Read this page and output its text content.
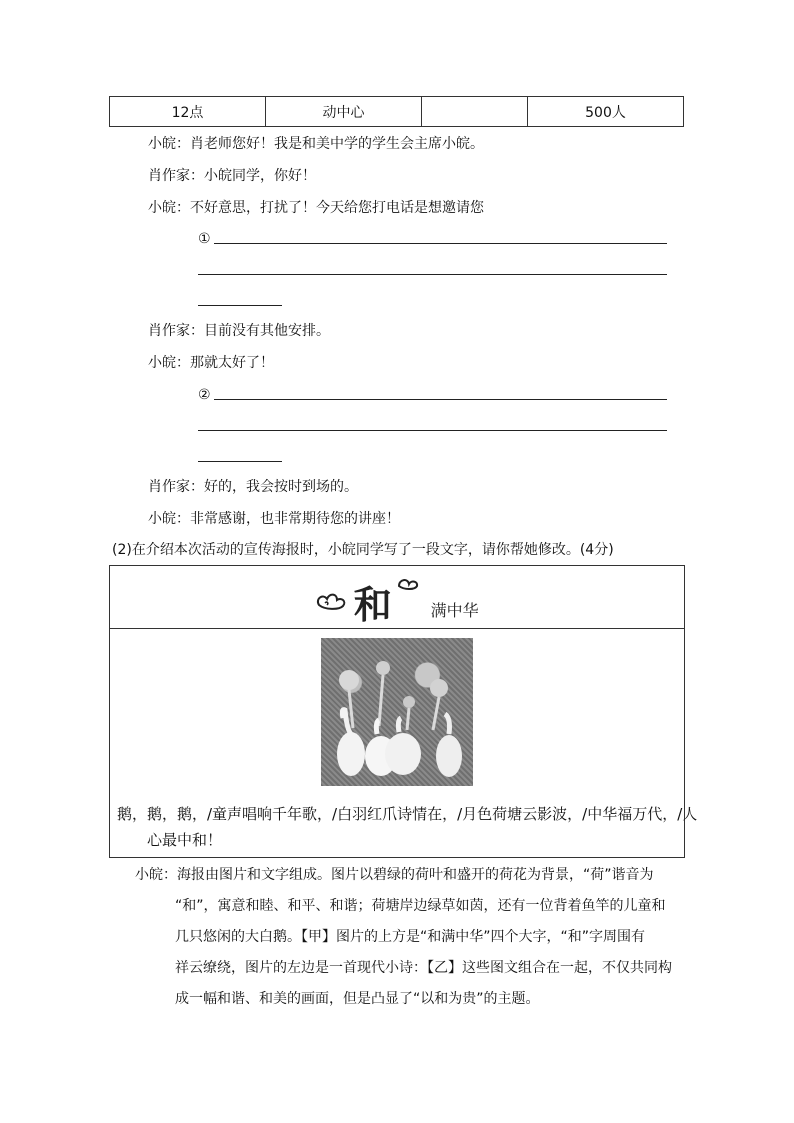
12点	动中心	500人
小皖：肖老师您好！我是和美中学的学生会主席小皖。
肖作家：小皖同学，你好！
小皖：不好意思，打扰了！今天给您打电话是想邀请您
①
肖作家：目前没有其他安排。
小皖：那就太好了！
②
肖作家：好的，我会按时到场的。
小皖：非常感谢，也非常期待您的讲座！
(2)在介绍本次活动的宣传海报时，小皖同学写了一段文字，请你帮她修改。(4分)
和 满中华
鹅，鹅，鹅，/童声唱响千年歌，/白羽红爪诗情在，/月色荷塘云影波，/中华福万代，/人
心最中和！
小皖：海报由图片和文字组成。图片以碧绿的荷叶和盛开的荷花为背景，“荷”谐音为
“和”，寓意和睦、和平、和谐；荷塘岸边绿草如茵，还有一位背着鱼竿的儿童和
几只悠闲的大白鹅。【甲】图片的上方是“和满中华”四个大字，“和”字周围有
祥云缭绕，图片的左边是一首现代小诗：【乙】这些图文组合在一起，不仅共同构
成一幅和谐、和美的画面，但是凸显了“以和为贵”的主题。
